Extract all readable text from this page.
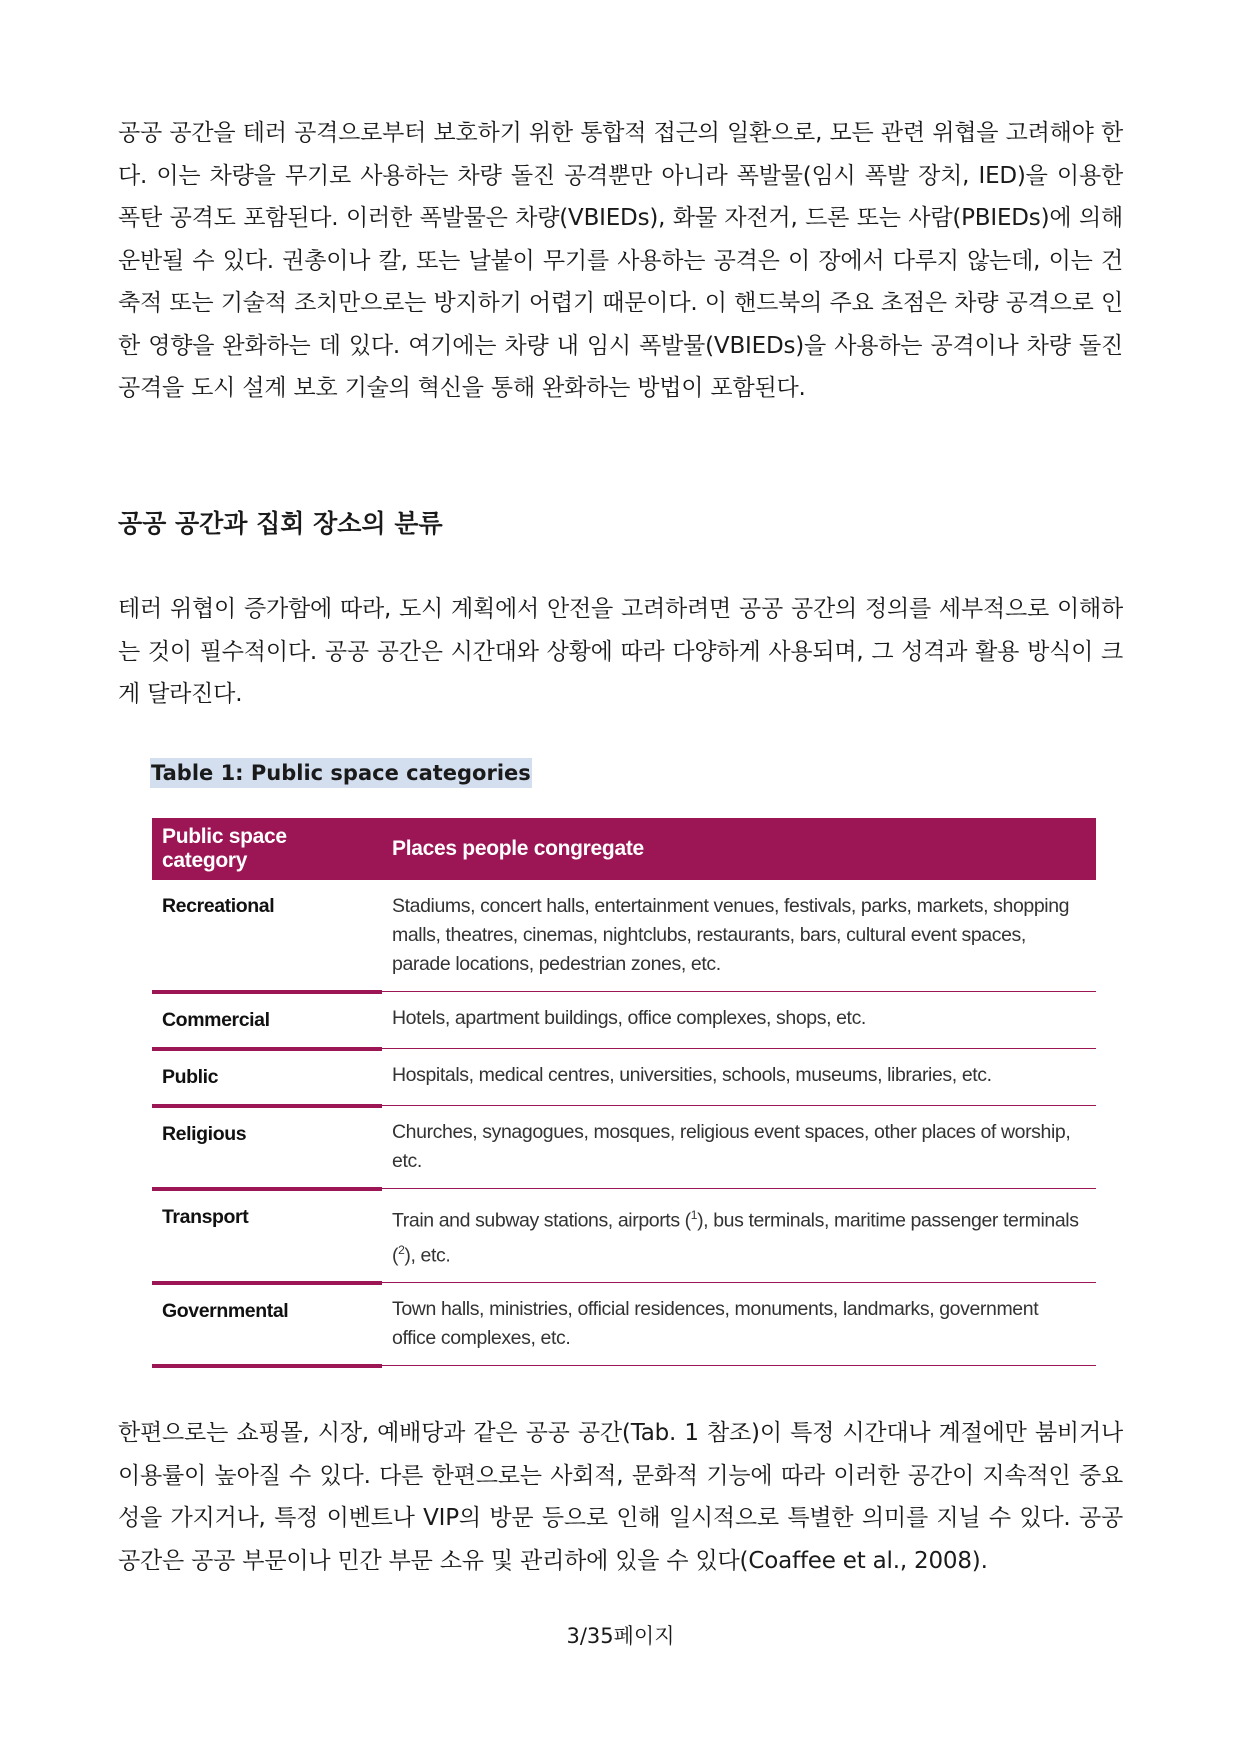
공공 공간을 테러 공격으로부터 보호하기 위한 통합적 접근의 일환으로, 모든 관련 위협을 고려해야 한다. 이는 차량을 무기로 사용하는 차량 돌진 공격뿐만 아니라 폭발물(임시 폭발 장치, IED)을 이용한 폭탄 공격도 포함된다. 이러한 폭발물은 차량(VBIEDs), 화물 자전거, 드론 또는 사람(PBIEDs)에 의해 운반될 수 있다. 권총이나 칼, 또는 날붙이 무기를 사용하는 공격은 이 장에서 다루지 않는데, 이는 건축적 또는 기술적 조치만으로는 방지하기 어렵기 때문이다. 이 핸드북의 주요 초점은 차량 공격으로 인한 영향을 완화하는 데 있다. 여기에는 차량 내 임시 폭발물(VBIEDs)을 사용하는 공격이나 차량 돌진 공격을 도시 설계 보호 기술의 혁신을 통해 완화하는 방법이 포함된다.

공공 공간과 집회 장소의 분류

테러 위협이 증가함에 따라, 도시 계획에서 안전을 고려하려면 공공 공간의 정의를 세부적으로 이해하는 것이 필수적이다. 공공 공간은 시간대와 상황에 따라 다양하게 사용되며, 그 성격과 활용 방식이 크게 달라진다.

Table 1: Public space categories

Public space category	Places people congregate
Recreational	Stadiums, concert halls, entertainment venues, festivals, parks, markets, shopping malls, theatres, cinemas, nightclubs, restaurants, bars, cultural event spaces, parade locations, pedestrian zones, etc.
Commercial	Hotels, apartment buildings, office complexes, shops, etc.
Public	Hospitals, medical centres, universities, schools, museums, libraries, etc.
Religious	Churches, synagogues, mosques, religious event spaces, other places of worship, etc.
Transport	Train and subway stations, airports ($^1$), bus terminals, maritime passenger terminals ($^2$), etc.
Governmental	Town halls, ministries, official residences, monuments, landmarks, government office complexes, etc.

한편으로는 쇼핑몰, 시장, 예배당과 같은 공공 공간(Tab. 1 참조)이 특정 시간대나 계절에만 붐비거나 이용률이 높아질 수 있다. 다른 한편으로는 사회적, 문화적 기능에 따라 이러한 공간이 지속적인 중요성을 가지거나, 특정 이벤트나 VIP의 방문 등으로 인해 일시적으로 특별한 의미를 지닐 수 있다. 공공 공간은 공공 부문이나 민간 부문 소유 및 관리하에 있을 수 있다(Coaffee et al., 2008).

3/35페이지
